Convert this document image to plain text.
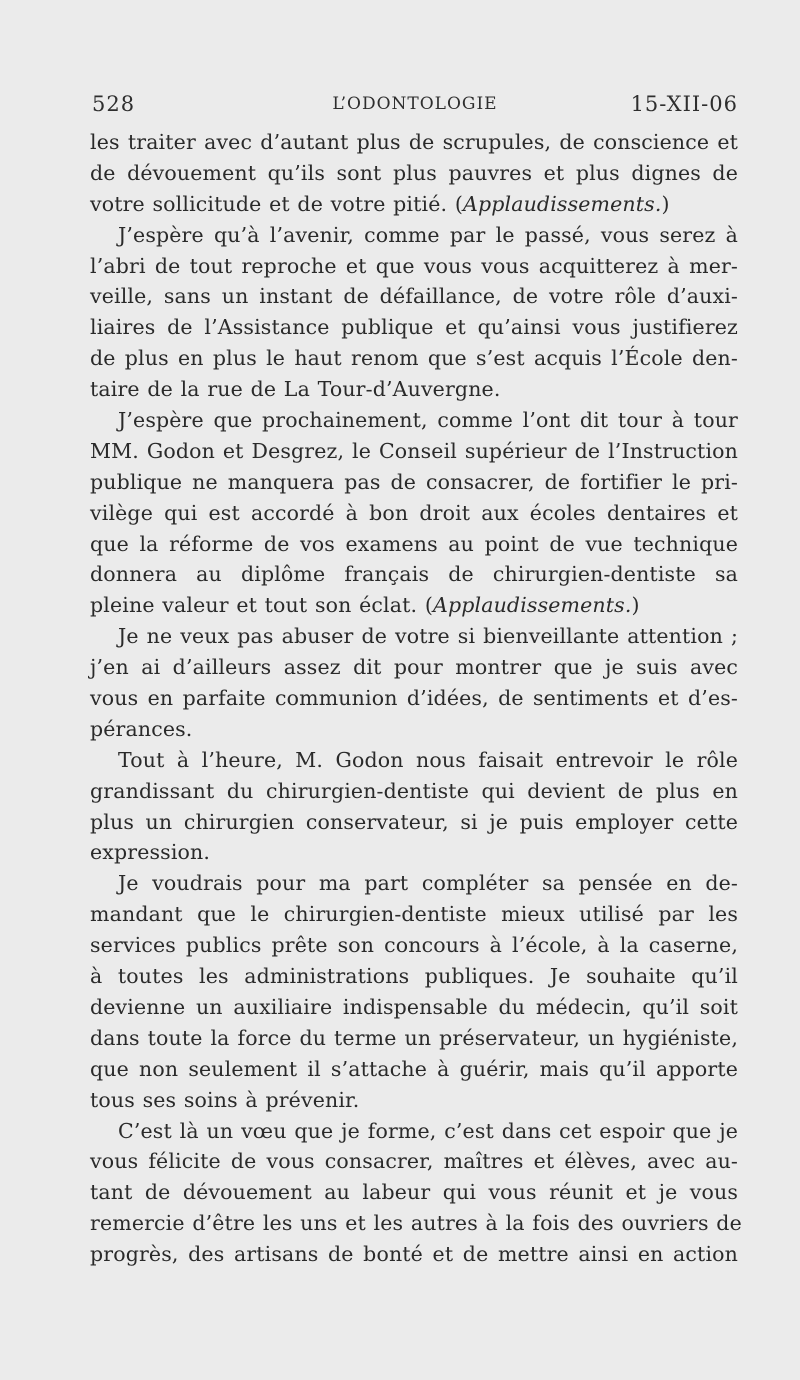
528	L’ODONTOLOGIE	15-XII-06
les traiter avec d’autant plus de scrupules, de conscience et
de dévouement qu’ils sont plus pauvres et plus dignes de
votre sollicitude et de votre pitié. (Applaudissements.)
J’espère qu’à l’avenir, comme par le passé, vous serez à
l’abri de tout reproche et que vous vous acquitterez à mer-
veille, sans un instant de défaillance, de votre rôle d’auxi-
liaires de l’Assistance publique et qu’ainsi vous justifierez
de plus en plus le haut renom que s’est acquis l’École den-
taire de la rue de La Tour-d’Auvergne.
J’espère que prochainement, comme l’ont dit tour à tour
MM. Godon et Desgrez, le Conseil supérieur de l’Instruction
publique ne manquera pas de consacrer, de fortifier le pri-
vilège qui est accordé à bon droit aux écoles dentaires et
que la réforme de vos examens au point de vue technique
donnera au diplôme français de chirurgien-dentiste sa
pleine valeur et tout son éclat. (Applaudissements.)
Je ne veux pas abuser de votre si bienveillante attention ;
j’en ai d’ailleurs assez dit pour montrer que je suis avec
vous en parfaite communion d’idées, de sentiments et d’es-
pérances.
Tout à l’heure, M. Godon nous faisait entrevoir le rôle
grandissant du chirurgien-dentiste qui devient de plus en
plus un chirurgien conservateur, si je puis employer cette
expression.
Je voudrais pour ma part compléter sa pensée en de-
mandant que le chirurgien-dentiste mieux utilisé par les
services publics prête son concours à l’école, à la caserne,
à toutes les administrations publiques. Je souhaite qu’il
devienne un auxiliaire indispensable du médecin, qu’il soit
dans toute la force du terme un préservateur, un hygiéniste,
que non seulement il s’attache à guérir, mais qu’il apporte
tous ses soins à prévenir.
C’est là un vœu que je forme, c’est dans cet espoir que je
vous félicite de vous consacrer, maîtres et élèves, avec au-
tant de dévouement au labeur qui vous réunit et je vous
remercie d’être les uns et les autres à la fois des ouvriers de
progrès, des artisans de bonté et de mettre ainsi en action
